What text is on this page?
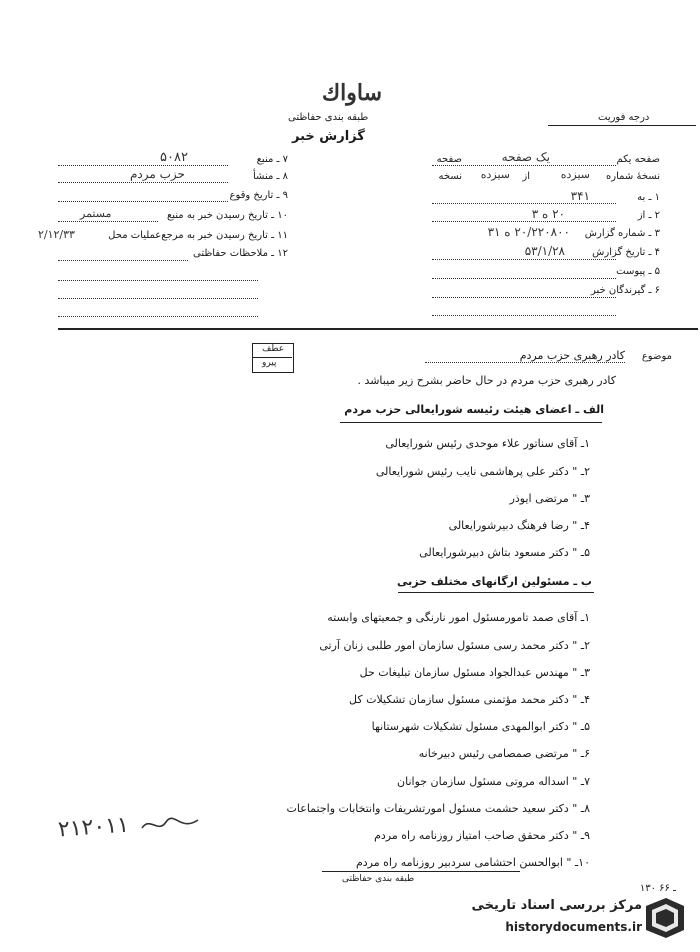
ساواك
طبقه بندی حفاظتی
گزارش خبر
درجه فوریت
۷ ـ منبع
۵۰۸۲
۸ ـ منشأ
حزب مردم
۹ ـ تاریخ وقوع
۱۰ ـ تاریخ رسیدن خبر به منبع
مستمر
۱۱ ـ تاریخ رسیدن خبر به مرجع‌عملیات محل
۲/۱۲/۳۳
۱۲ ـ ملاحظات حفاظتی
صفحه یکم
یک صفحه
صفحه
نسخهٔ شماره
سیزده
از
سیزده
نسخه
۱ ـ به
۳۴۱
۲ ـ از
۲۰ ه ۳
۳ ـ شماره گزارش
۲۰/۲۲۰۸۰۰ ه ۳۱
۴ ـ تاریخ گزارش
۵۳/۱/۲۸
۵ ـ پیوست
۶ ـ گیرندگان خبر
عطف
پیرو
موضوع
کادر رهبری حزب مردم
کادر رهبری حزب مردم در حال حاضر بشرح زیر میباشد .
الف ـ اعضای هیئت رئیسه شورایعالی حزب مردم
۱ـ آقای سناتور علاء موحدی رئیس شورایعالی
۲ـ " دکتر علی پرهاشمی نایب رئیس شورایعالی
۳ـ " مرتضی ایوذر
۴ـ " رضا فرهنگ دبیرشورایعالی
۵ـ " دکتر مسعود بتاش دبیرشورایعالی
ب ـ مسئولین ارگانهای مختلف حزبی
۱ـ آقای صمد تامورمسئول امور نارنگی و جمعیتهای وابسته
۲ـ " دکتر محمد رسی مسئول سازمان امور طلبی زنان آرتی
۳ـ " مهندس عبدالجواد مسئول سازمان تبلیغات حل
۴ـ " دکتر محمد مؤتمنی مسئول سازمان تشکیلات کل
۵ـ " دکتر ابوالمهدی مسئول تشکیلات شهرستانها
۶ـ " مرتضی صمصامی رئیس دبیرخانه
۷ـ " اسداله مروتی مسئول سازمان جوانان
۸ـ " دکتر سعید حشمت مسئول امورتشریفات وانتخابات واجتماعات
۹ـ " دکتر محقق صاحب امتیاز روزنامه راه مردم
۱۰ـ " ابوالحسن احتشامی سردبیر روزنامه راه مردم
۲۱۲۰۱۱
طبقه بندی حفاظتی
۱۳۰ ـ ۶۶
مرکز بررسی اسناد تاریخی
historydocuments.ir
